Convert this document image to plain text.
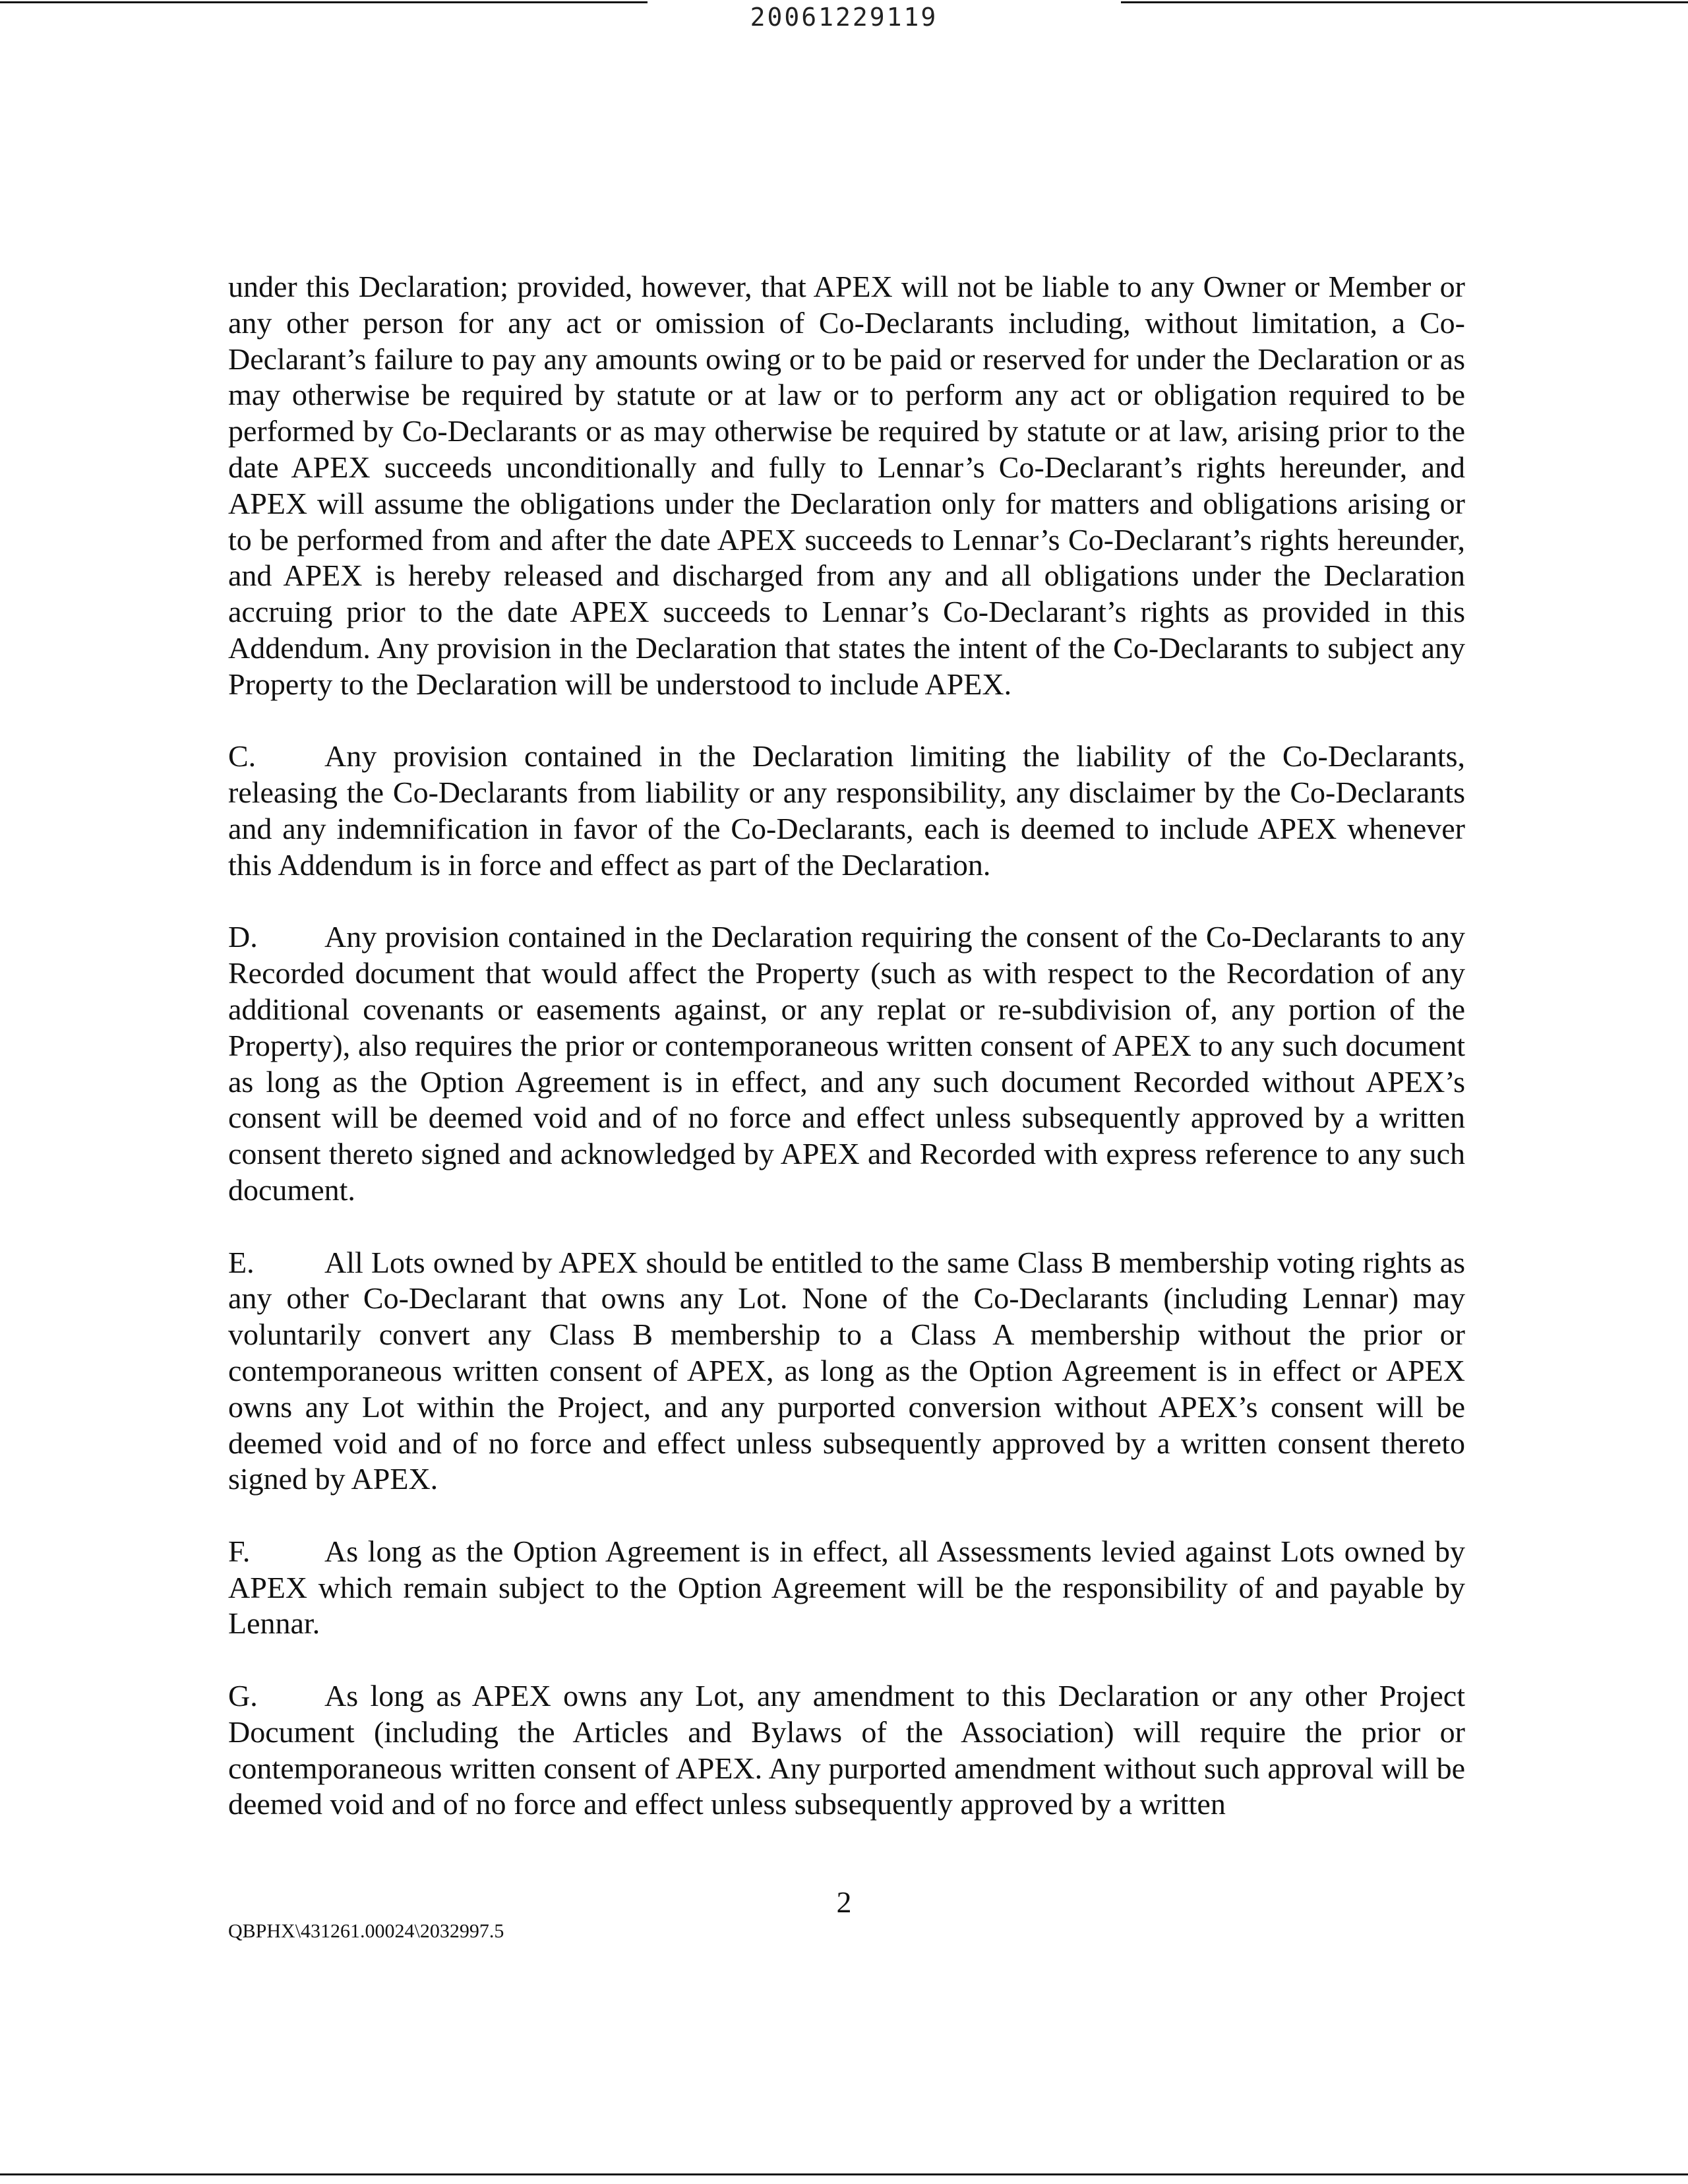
20061229119

under this Declaration; provided, however, that APEX will not be liable to any Owner or Member or any other person for any act or omission of Co-Declarants including, without limitation, a Co-Declarant’s failure to pay any amounts owing or to be paid or reserved for under the Declaration or as may otherwise be required by statute or at law or to perform any act or obligation required to be performed by Co-Declarants or as may otherwise be required by statute or at law, arising prior to the date APEX succeeds unconditionally and fully to Lennar’s Co-Declarant’s rights hereunder, and APEX will assume the obligations under the Declaration only for matters and obligations arising or to be performed from and after the date APEX succeeds to Lennar’s Co-Declarant’s rights hereunder, and APEX is hereby released and discharged from any and all obligations under the Declaration accruing prior to the date APEX succeeds to Lennar’s Co-Declarant’s rights as provided in this Addendum. Any provision in the Declaration that states the intent of the Co-Declarants to subject any Property to the Declaration will be understood to include APEX.

C. Any provision contained in the Declaration limiting the liability of the Co-Declarants, releasing the Co-Declarants from liability or any responsibility, any disclaimer by the Co-Declarants and any indemnification in favor of the Co-Declarants, each is deemed to include APEX whenever this Addendum is in force and effect as part of the Declaration.

D. Any provision contained in the Declaration requiring the consent of the Co-Declarants to any Recorded document that would affect the Property (such as with respect to the Recordation of any additional covenants or easements against, or any replat or re-subdivision of, any portion of the Property), also requires the prior or contemporaneous written consent of APEX to any such document as long as the Option Agreement is in effect, and any such document Recorded without APEX’s consent will be deemed void and of no force and effect unless subsequently approved by a written consent thereto signed and acknowledged by APEX and Recorded with express reference to any such document.

E. All Lots owned by APEX should be entitled to the same Class B membership voting rights as any other Co-Declarant that owns any Lot. None of the Co-Declarants (including Lennar) may voluntarily convert any Class B membership to a Class A membership without the prior or contemporaneous written consent of APEX, as long as the Option Agreement is in effect or APEX owns any Lot within the Project, and any purported conversion without APEX’s consent will be deemed void and of no force and effect unless subsequently approved by a written consent thereto signed by APEX.

F. As long as the Option Agreement is in effect, all Assessments levied against Lots owned by APEX which remain subject to the Option Agreement will be the responsibility of and payable by Lennar.

G. As long as APEX owns any Lot, any amendment to this Declaration or any other Project Document (including the Articles and Bylaws of the Association) will require the prior or contemporaneous written consent of APEX. Any purported amendment without such approval will be deemed void and of no force and effect unless subsequently approved by a written

2
QBPHX\431261.00024\2032997.5
